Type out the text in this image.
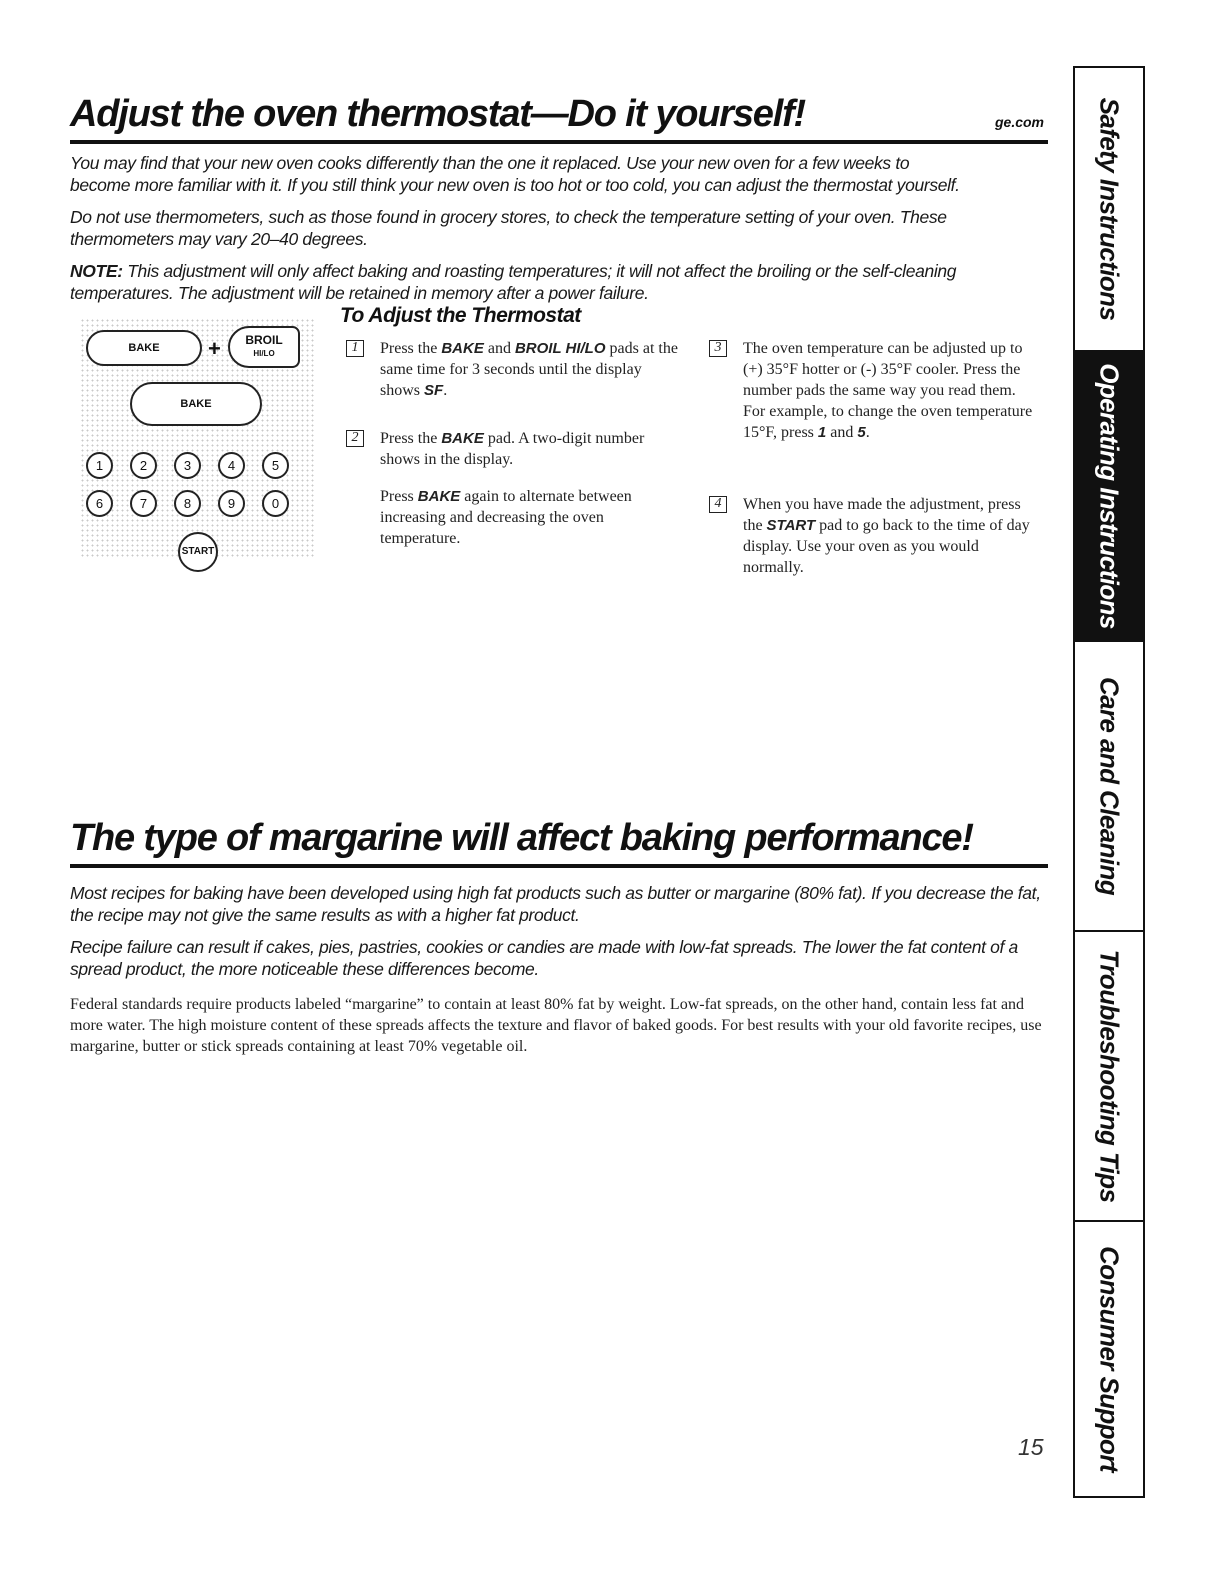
Adjust the oven thermostat—Do it yourself!	ge.com

You may find that your new oven cooks differently than the one it replaced. Use your new oven for a few weeks to become more familiar with it. If you still think your new oven is too hot or too cold, you can adjust the thermostat yourself.

Do not use thermometers, such as those found in grocery stores, to check the temperature setting of your oven. These thermometers may vary 20–40 degrees.

NOTE: This adjustment will only affect baking and roasting temperatures; it will not affect the broiling or the self-cleaning temperatures. The adjustment will be retained in memory after a power failure.

BAKE	+	BROIL
HI/LO
BAKE
1	2	3	4	5
6	7	8	9	0
START
To Adjust the Thermostat
1	Press the BAKE and BROIL HI/LO pads at the same time for 3 seconds until the display shows SF.
2	Press the BAKE pad. A two-digit number shows in the display.
Press BAKE again to alternate between increasing and decreasing the oven temperature.
3	The oven temperature can be adjusted up to (+) 35°F hotter or (-) 35°F cooler. Press the number pads the same way you read them. For example, to change the oven temperature 15°F, press 1 and 5.
4	When you have made the adjustment, press the START pad to go back to the time of day display. Use your oven as you would normally.
The type of margarine will affect baking performance!

Most recipes for baking have been developed using high fat products such as butter or margarine (80% fat). If you decrease the fat, the recipe may not give the same results as with a higher fat product.

Recipe failure can result if cakes, pies, pastries, cookies or candies are made with low-fat spreads. The lower the fat content of a spread product, the more noticeable these differences become.

Federal standards require products labeled “margarine” to contain at least 80% fat by weight. Low-fat spreads, on the other hand, contain less fat and more water. The high moisture content of these spreads affects the texture and flavor of baked goods. For best results with your old favorite recipes, use margarine, butter or stick spreads containing at least 70% vegetable oil.

15
Safety Instructions
Operating Instructions
Care and Cleaning
Troubleshooting Tips
Consumer Support
